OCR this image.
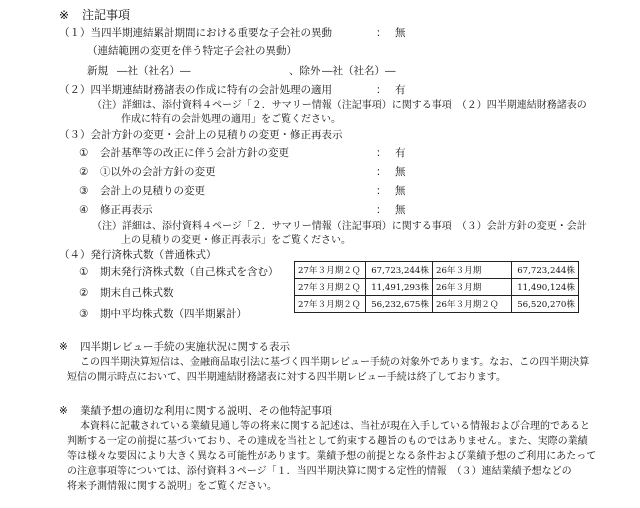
※ 注記事項
（１）当四半期連結累計期間における重要な子会社の異動	： 無
（連結範囲の変更を伴う特定子会社の異動）
新規 ―社（社名）―	、除外 ―社（社名）―
（２）四半期連結財務諸表の作成に特有の会計処理の適用	： 有
（注）詳細は、添付資料４ページ「２．サマリー情報（注記事項）に関する事項　（２）四半期連結財務諸表の
作成に特有の会計処理の適用」をご覧ください。
（３）会計方針の変更・会計上の見積りの変更・修正再表示
① 会計基準等の改正に伴う会計方針の変更	： 有
② ①以外の会計方針の変更	： 無
③ 会計上の見積りの変更	： 無
④ 修正再表示	： 無
（注）詳細は、添付資料４ページ「２．サマリー情報（注記事項）に関する事項　（３）会計方針の変更・会計
上の見積りの変更・修正再表示」をご覧ください。
（４）発行済株式数（普通株式）
① 期末発行済株式数（自己株式を含む）
② 期末自己株式数
③ 期中平均株式数（四半期累計）
27年３月期２Ｑ	67,723,244株	26年３月期	67,723,244株
27年３月期２Ｑ	11,491,293株	26年３月期	11,490,124株
27年３月期２Ｑ	56,232,675株	26年３月期２Ｑ	56,520,270株
※ 四半期レビュー手続の実施状況に関する表示
この四半期決算短信は、金融商品取引法に基づく四半期レビュー手続の対象外であります。なお、この四半期決算
短信の開示時点において、四半期連結財務諸表に対する四半期レビュー手続は終了しております。
※ 業績予想の適切な利用に関する説明、その他特記事項
本資料に記載されている業績見通し等の将来に関する記述は、当社が現在入手している情報および合理的であると
判断する一定の前提に基づいており、その達成を当社として約束する趣旨のものではありません。また、実際の業績
等は様々な要因により大きく異なる可能性があります。業績予想の前提となる条件および業績予想のご利用にあたって
の注意事項等については、添付資料３ページ「１．当四半期決算に関する定性的情報　（３）連結業績予想などの
将来予測情報に関する説明」をご覧ください。
